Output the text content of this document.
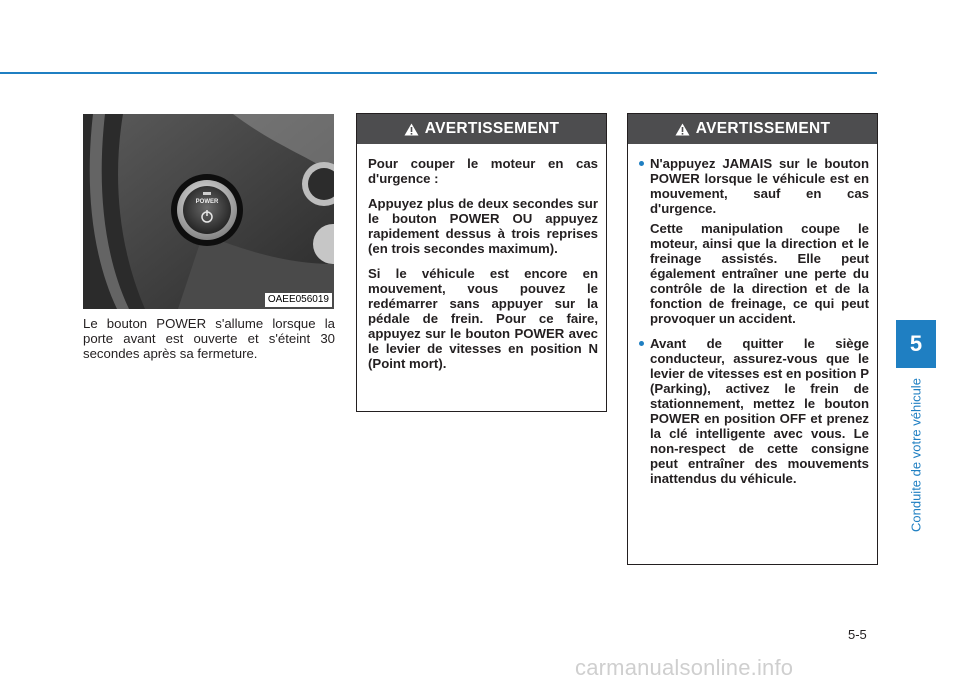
POWER
OAEE056019

Le bouton POWER s'allume lorsque la porte avant est ouverte et s'éteint 30 secondes après sa fermeture.

AVERTISSEMENT

Pour couper le moteur en cas d'urgence :

Appuyez plus de deux secondes sur le bouton POWER OU appuyez rapidement dessus à trois reprises (en trois secondes maximum).

Si le véhicule est encore en mouvement, vous pouvez le redémarrer sans appuyer sur la pédale de frein. Pour ce faire, appuyez sur le bouton POWER avec le levier de vitesses en position N (Point mort).

AVERTISSEMENT

N'appuyez JAMAIS sur le bouton POWER lorsque le véhicule est en mouvement, sauf en cas d'urgence.

Cette manipulation coupe le moteur, ainsi que la direction et le freinage assistés. Elle peut également entraîner une perte du contrôle de la direction et de la fonction de freinage, ce qui peut provoquer un accident.

Avant de quitter le siège conducteur, assurez-vous que le levier de vitesses est en position P (Parking), activez le frein de stationnement, mettez le bouton POWER en position OFF et prenez la clé intelligente avec vous. Le non-respect de cette consigne peut entraîner des mouvements inattendus du véhicule.

5
Conduite de votre véhicule
5-5
carmanualsonline.info
